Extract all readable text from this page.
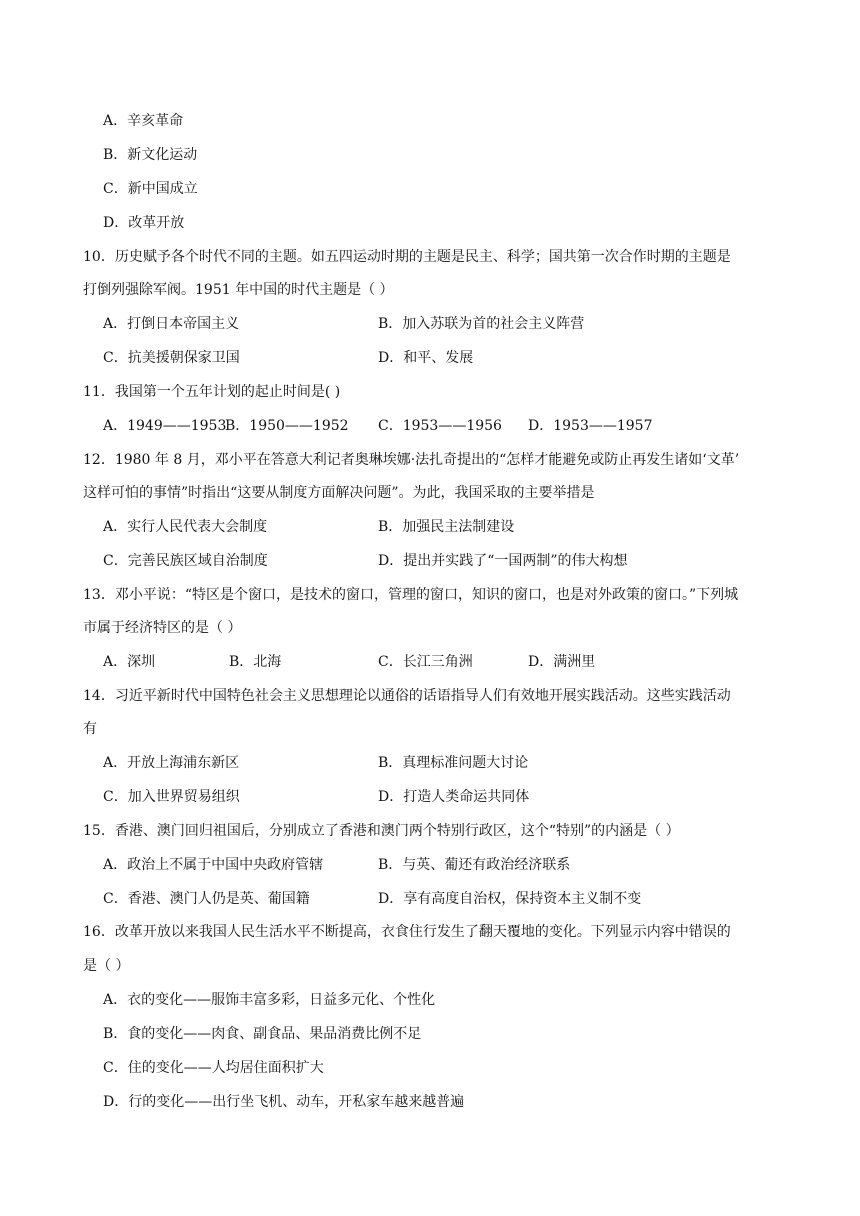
A．辛亥革命
B．新文化运动
C．新中国成立
D．改革开放
10．历史赋予各个时代不同的主题。如五四运动时期的主题是民主、科学；国共第一次合作时期的主题是
打倒列强除军阀。1951 年中国的时代主题是（ ）
A．打倒日本帝国主义	B．加入苏联为首的社会主义阵营
C．抗美援朝保家卫国	D．和平、发展
11．我国第一个五年计划的起止时间是( )
A．1949——1953
B．1950——1952 C．1953——1956 D．1953——1957
12．1980 年 8 月，邓小平在答意大利记者奥琳埃娜·法扎奇提出的“怎样才能避免或防止再发生诸如‘文革’
这样可怕的事情”时指出“这要从制度方面解决问题”。为此，我国采取的主要举措是
A．实行人民代表大会制度	B．加强民主法制建设
C．完善民族区域自治制度	D．提出并实践了“一国两制”的伟大构想
13．邓小平说：“特区是个窗口，是技术的窗口，管理的窗口，知识的窗口，也是对外政策的窗口。”下列城
市属于经济特区的是（ ）
A．深圳	B．北海	C．长江三角洲	D．满洲里
14．习近平新时代中国特色社会主义思想理论以通俗的话语指导人们有效地开展实践活动。这些实践活动
有
A．开放上海浦东新区	B．真理标准问题大讨论
C．加入世界贸易组织	D．打造人类命运共同体
15．香港、澳门回归祖国后，分别成立了香港和澳门两个特别行政区，这个“特别”的内涵是（ ）
A．政治上不属于中国中央政府管辖	B．与英、葡还有政治经济联系
C．香港、澳门人仍是英、葡国籍	D．享有高度自治权，保持资本主义制不变
16．改革开放以来我国人民生活水平不断提高，衣食住行发生了翻天覆地的变化。下列显示内容中错误的
是（ ）
A．衣的变化——服饰丰富多彩，日益多元化、个性化
B．食的变化——肉食、副食品、果品消费比例不足
C．住的变化——人均居住面积扩大
D．行的变化——出行坐飞机、动车，开私家车越来越普遍
